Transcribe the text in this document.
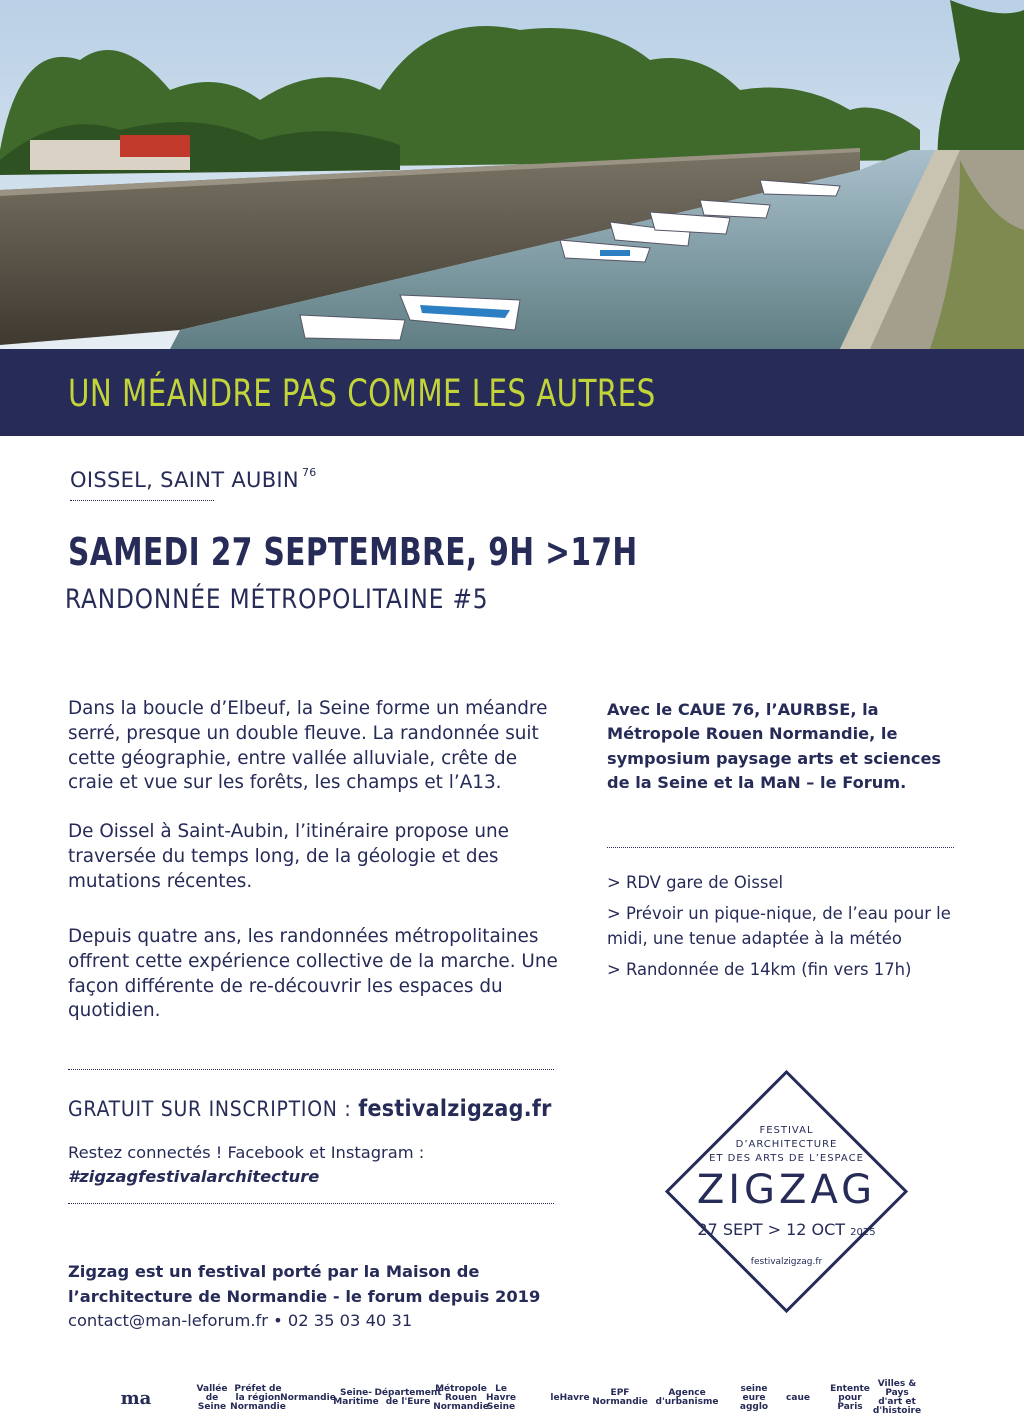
UN MÉANDRE PAS COMME LES AUTRES
OISSEL, SAINT AUBIN $^{76}$
SAMEDI 27 SEPTEMBRE, 9H >17H
RANDONNÉE MÉTROPOLITAINE #5
Dans la boucle d’Elbeuf, la Seine forme un méandre serré, presque un double fleuve. La randonnée suit cette géographie, entre vallée alluviale, crête de craie et vue sur les forêts, les champs et l’A13.
De Oissel à Saint-Aubin, l’itinéraire propose une traversée du temps long, de la géologie et des mutations récentes.
Depuis quatre ans, les randonnées métropolitaines offrent cette expérience collective de la marche. Une façon différente de re-découvrir les espaces du quotidien.
Avec le CAUE 76, l’AURBSE, la Métropole Rouen Normandie, le symposium paysage arts et sciences de la Seine et la MaN – le Forum.
> RDV gare de Oissel
> Prévoir un pique-nique, de l’eau pour le midi, une tenue adaptée à la météo
> Randonnée de 14km (fin vers 17h)
GRATUIT SUR INSCRIPTION : festivalzigzag.fr
Restez connectés ! Facebook et Instagram :
#zigzagfestivalarchitecture
Zigzag est un festival porté par la Maison de
l’architecture de Normandie - le forum depuis 2019
contact@man-leforum.fr • 02 35 03 40 31
FESTIVAL
D’ARCHITECTURE
ET DES ARTS DE L’ESPACE
ZIGZAG
27 SEPT > 12 OCT 2025
festivalzigzag.fr
ma	Vallée de Seine
Préfet de la région Normandie
Normandie Seine-Maritime
Département de l'Eure
Métropole Rouen Normandie
Le Havre Seine
leHavre	EPF Normandie
Agence d'urbanisme
seine eure agglo
caue
Entente pour Paris
Villes & Pays d'art et d'histoire
